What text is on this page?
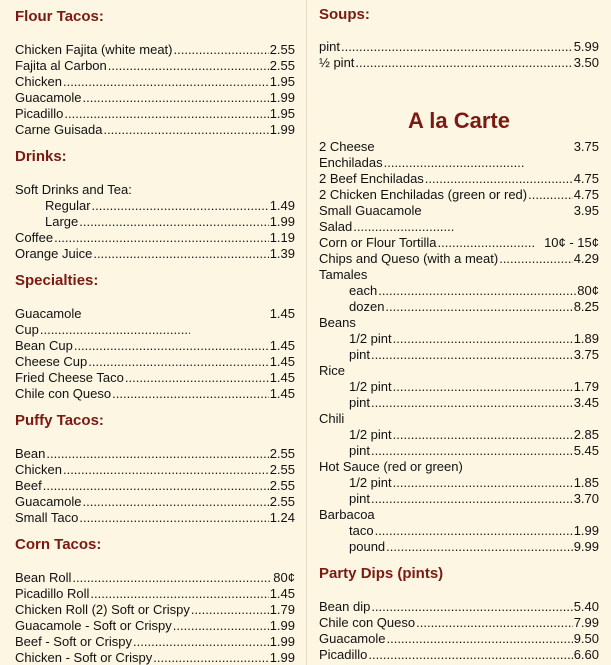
Flour Tacos:
Chicken Fajita (white meat) .....	2.55
Fajita al Carbon .....	2.55
Chicken .....	1.95
Guacamole .....	1.99
Picadillo .....	1.95
Carne Guisada .....	1.99
Drinks:
Soft Drinks and Tea:
Regular .....	1.49
Large .....	1.99
Coffee .....	1.19
Orange Juice .....	1.39
Specialties:
Guacamole	1.45
Cup
.....
Bean Cup .....	1.45
Cheese Cup .....	1.45
Fried Cheese Taco .....	1.45
Chile con Queso .....	1.45
Puffy Tacos:
Bean .....	2.55
Chicken .....	2.55
Beef .....	2.55
Guacamole .....	2.55
Small Taco .....	1.24
Corn Tacos:
Bean Roll .....	80¢
Picadillo Roll .....	1.45
Chicken Roll (2) Soft or Crispy .....	1.79
Guacamole - Soft or Crispy .....	1.99
Beef - Soft or Crispy .....	1.99
Chicken - Soft or Crispy .....	1.99
Soups:
pint .....	5.99
½ pint .....	3.50
A la Carte
2 Cheese	3.75
Enchiladas
.....
2 Beef Enchiladas .....	4.75
2 Chicken Enchiladas (green or red) .....	4.75
Small Guacamole	3.95
Salad
.....
Corn or Flour Tortilla .....	10¢ - 15¢
Chips and Queso (with a meat) .....	4.29
Tamales
each .....	80¢
dozen .....	8.25
Beans
1/2 pint .....	1.89
pint .....	3.75
Rice
1/2 pint .....	1.79
pint .....	3.45
Chili
1/2 pint .....	2.85
pint .....	5.45
Hot Sauce (red or green)
1/2 pint .....	1.85
pint .....	3.70
Barbacoa
taco .....	1.99
pound .....	9.99
Party Dips (pints)
Bean dip .....	5.40
Chile con Queso .....	7.99
Guacamole .....	9.50
Picadillo .....	6.60
